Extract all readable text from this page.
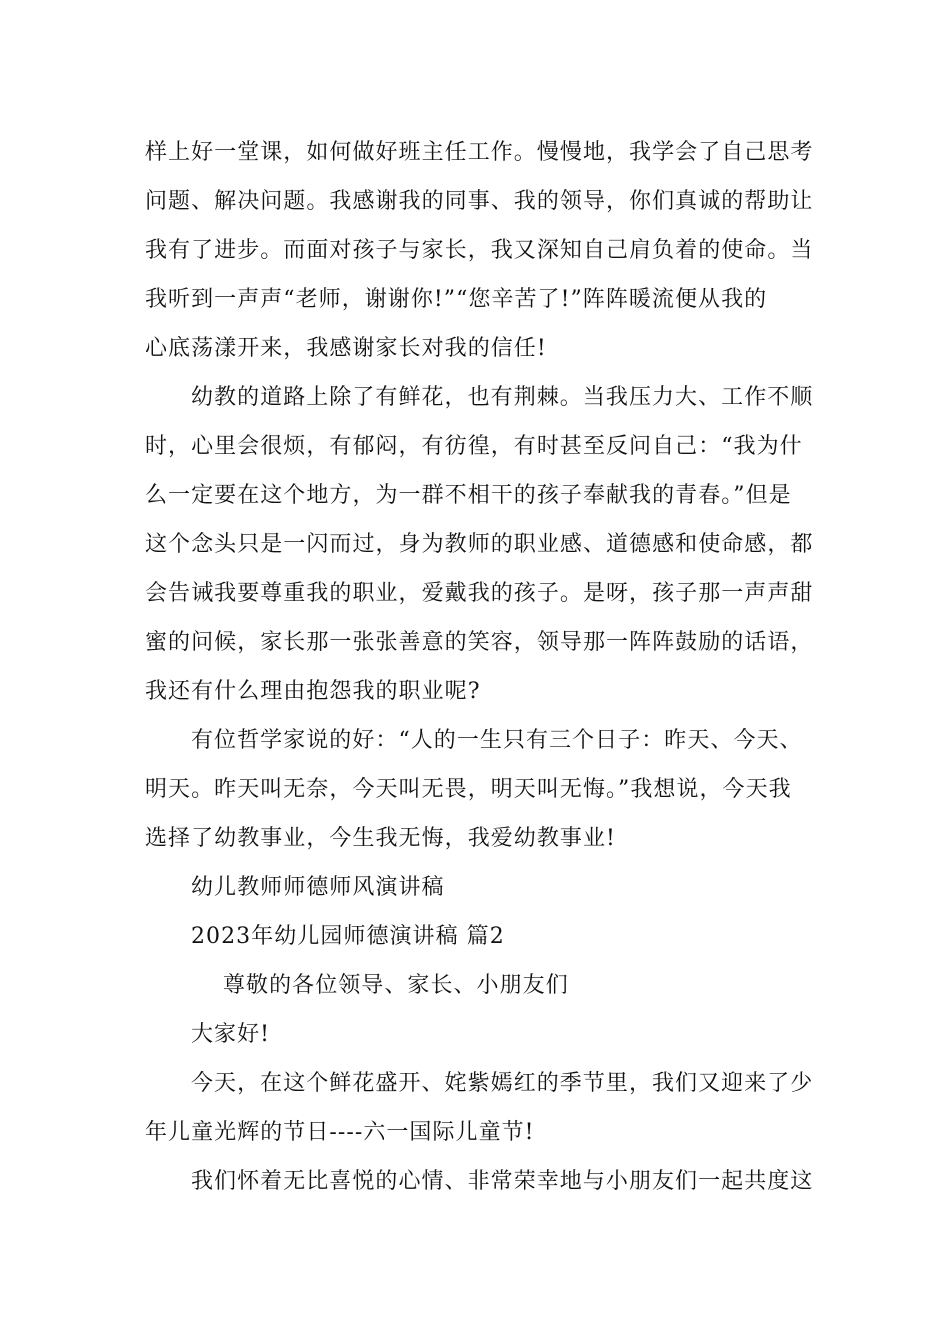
样上好一堂课，如何做好班主任工作。慢慢地，我学会了自己思考
问题、解决问题。我感谢我的同事、我的领导，你们真诚的帮助让
我有了进步。而面对孩子与家长，我又深知自己肩负着的使命。当
我听到一声声“老师，谢谢你!”“您辛苦了!”阵阵暖流便从我的
心底荡漾开来，我感谢家长对我的信任!
幼教的道路上除了有鲜花，也有荆棘。当我压力大、工作不顺
时，心里会很烦，有郁闷，有彷徨，有时甚至反问自己：“我为什
么一定要在这个地方，为一群不相干的孩子奉献我的青春。”但是
这个念头只是一闪而过，身为教师的职业感、道德感和使命感，都
会告诫我要尊重我的职业，爱戴我的孩子。是呀，孩子那一声声甜
蜜的问候，家长那一张张善意的笑容，领导那一阵阵鼓励的话语，
我还有什么理由抱怨我的职业呢?
有位哲学家说的好：“人的一生只有三个日子：昨天、今天、
明天。昨天叫无奈，今天叫无畏，明天叫无悔。”我想说，今天我
选择了幼教事业，今生我无悔，我爱幼教事业!
幼儿教师师德师风演讲稿
2023年幼儿园师德演讲稿 篇2
尊敬的各位领导、家长、小朋友们
大家好!
今天，在这个鲜花盛开、姹紫嫣红的季节里，我们又迎来了少
年儿童光辉的节日----六一国际儿童节!
我们怀着无比喜悦的心情、非常荣幸地与小朋友们一起共度这
